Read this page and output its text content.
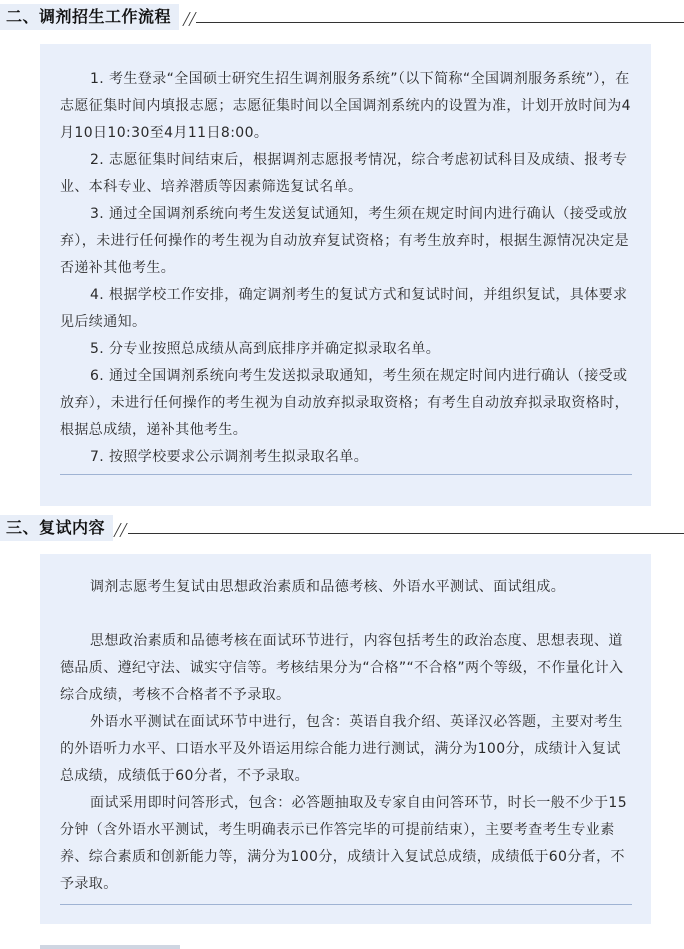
二、调剂招生工作流程

1. 考生登录“全国硕士研究生招生调剂服务系统”（以下简称“全国调剂服务系统”），在志愿征集时间内填报志愿；志愿征集时间以全国调剂系统内的设置为准，计划开放时间为4月10日10:30至4月11日8:00。

2. 志愿征集时间结束后，根据调剂志愿报考情况，综合考虑初试科目及成绩、报考专业、本科专业、培养潜质等因素筛选复试名单。

3. 通过全国调剂系统向考生发送复试通知，考生须在规定时间内进行确认（接受或放弃），未进行任何操作的考生视为自动放弃复试资格；有考生放弃时，根据生源情况决定是否递补其他考生。

4. 根据学校工作安排，确定调剂考生的复试方式和复试时间，并组织复试，具体要求见后续通知。

5. 分专业按照总成绩从高到底排序并确定拟录取名单。

6. 通过全国调剂系统向考生发送拟录取通知，考生须在规定时间内进行确认（接受或放弃），未进行任何操作的考生视为自动放弃拟录取资格；有考生自动放弃拟录取资格时，根据总成绩，递补其他考生。

7. 按照学校要求公示调剂考生拟录取名单。

三、复试内容

调剂志愿考生复试由思想政治素质和品德考核、外语水平测试、面试组成。

思想政治素质和品德考核在面试环节进行，内容包括考生的政治态度、思想表现、道德品质、遵纪守法、诚实守信等。考核结果分为“合格”“不合格”两个等级，不作量化计入综合成绩，考核不合格者不予录取。

外语水平测试在面试环节中进行，包含：英语自我介绍、英译汉必答题，主要对考生的外语听力水平、口语水平及外语运用综合能力进行测试，满分为100分，成绩计入复试总成绩，成绩低于60分者，不予录取。

面试采用即时问答形式，包含：必答题抽取及专家自由问答环节，时长一般不少于15分钟（含外语水平测试，考生明确表示已作答完毕的可提前结束），主要考查考生专业素养、综合素质和创新能力等，满分为100分，成绩计入复试总成绩，成绩低于60分者，不予录取。
